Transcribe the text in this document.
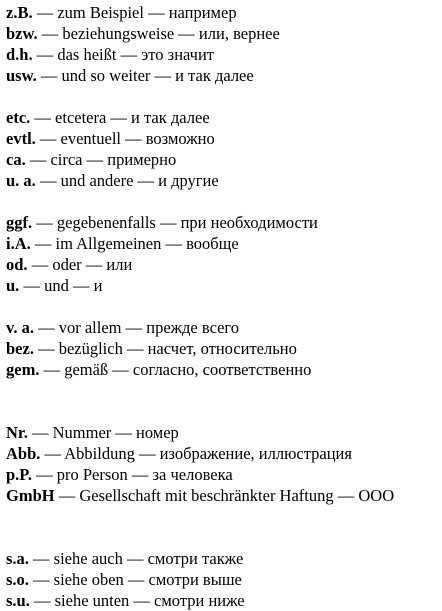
z.B. — zum Beispiel — например
bzw. — beziehungsweise — или, вернее
d.h. — das heißt — это значит
usw. — und so weiter — и так далее
etc. — etcetera — и так далее
evtl. — eventuell — возможно
ca. — circa — примерно
u. a. — und andere — и другие
ggf. — gegebenenfalls — при необходимости
i.A. — im Allgemeinen — вообще
od. — oder — или
u. — und — и
v. a. — vor allem — прежде всего
bez. — bezüglich — насчет, относительно
gem. — gemäß — согласно, соответственно
Nr. — Nummer — номер
Abb. — Abbildung — изображение, иллюстрация
p.P. — pro Person — за человека
GmbH — Gesellschaft mit beschränkter Haftung — ООО
s.a. — siehe auch — смотри также
s.o. — siehe oben — смотри выше
s.u. — siehe unten — смотри ниже
